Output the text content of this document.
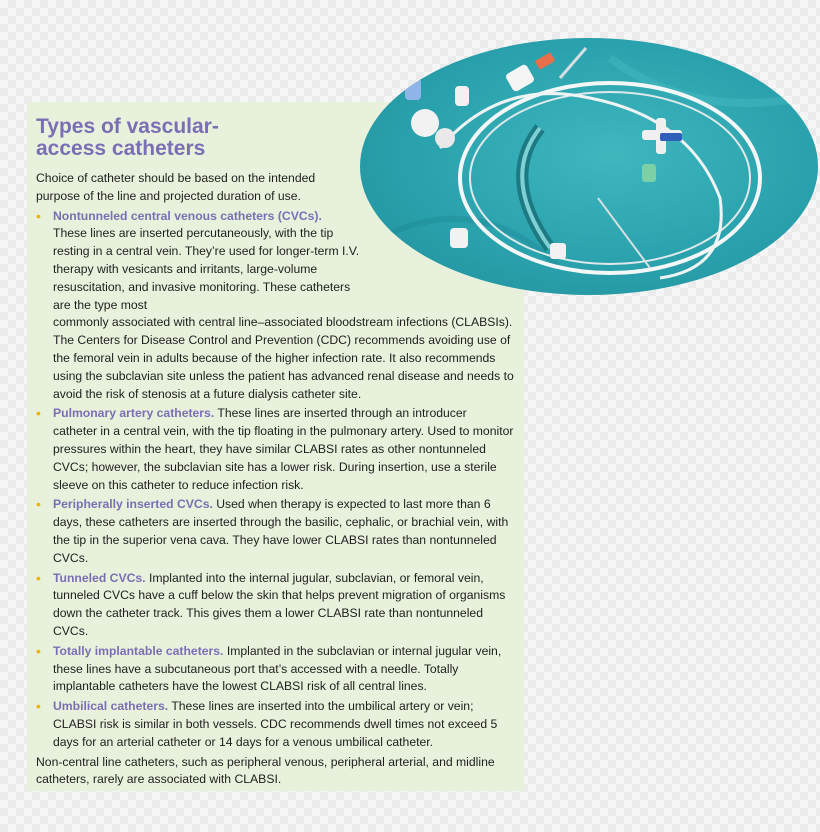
Types of vascular-access catheters
Choice of catheter should be based on the intended purpose of the line and projected duration of use.
• Nontunneled central venous catheters (CVCs).
These lines are inserted percutaneously, with the tip resting in a central vein. They’re used for longer-term I.V. therapy with vesicants and irritants, large-volume resuscitation, and invasive monitoring. These catheters are the type most
commonly associated with central line–associated bloodstream infections (CLABSIs). The Centers for Disease Control and Prevention (CDC) recommends avoiding use of the femoral vein in adults because of the higher infection rate. It also recommends using the subclavian site unless the patient has advanced renal disease and needs to avoid the risk of stenosis at a future dialysis catheter site.
• Pulmonary artery catheters. These lines are inserted through an introducer catheter in a central vein, with the tip floating in the pulmonary artery. Used to monitor pressures within the heart, they have similar CLABSI rates as other nontunneled CVCs; however, the subclavian site has a lower risk. During insertion, use a sterile sleeve on this catheter to reduce infection risk.
• Peripherally inserted CVCs. Used when therapy is expected to last more than 6 days, these catheters are inserted through the basilic, cephalic, or brachial vein, with the tip in the superior vena cava. They have lower CLABSI rates than nontunneled CVCs.
• Tunneled CVCs. Implanted into the internal jugular, subclavian, or femoral vein, tunneled CVCs have a cuff below the skin that helps prevent migration of organisms down the catheter track. This gives them a lower CLABSI rate than nontunneled CVCs.
• Totally implantable catheters. Implanted in the subclavian or internal jugular vein, these lines have a subcutaneous port that’s accessed with a needle. Totally implantable catheters have the lowest CLABSI risk of all central lines.
• Umbilical catheters. These lines are inserted into the umbilical artery or vein; CLABSI risk is similar in both vessels. CDC recommends dwell times not exceed 5 days for an arterial catheter or 14 days for a venous umbilical catheter.
Non-central line catheters, such as peripheral venous, peripheral arterial, and midline catheters, rarely are associated with CLABSI.
